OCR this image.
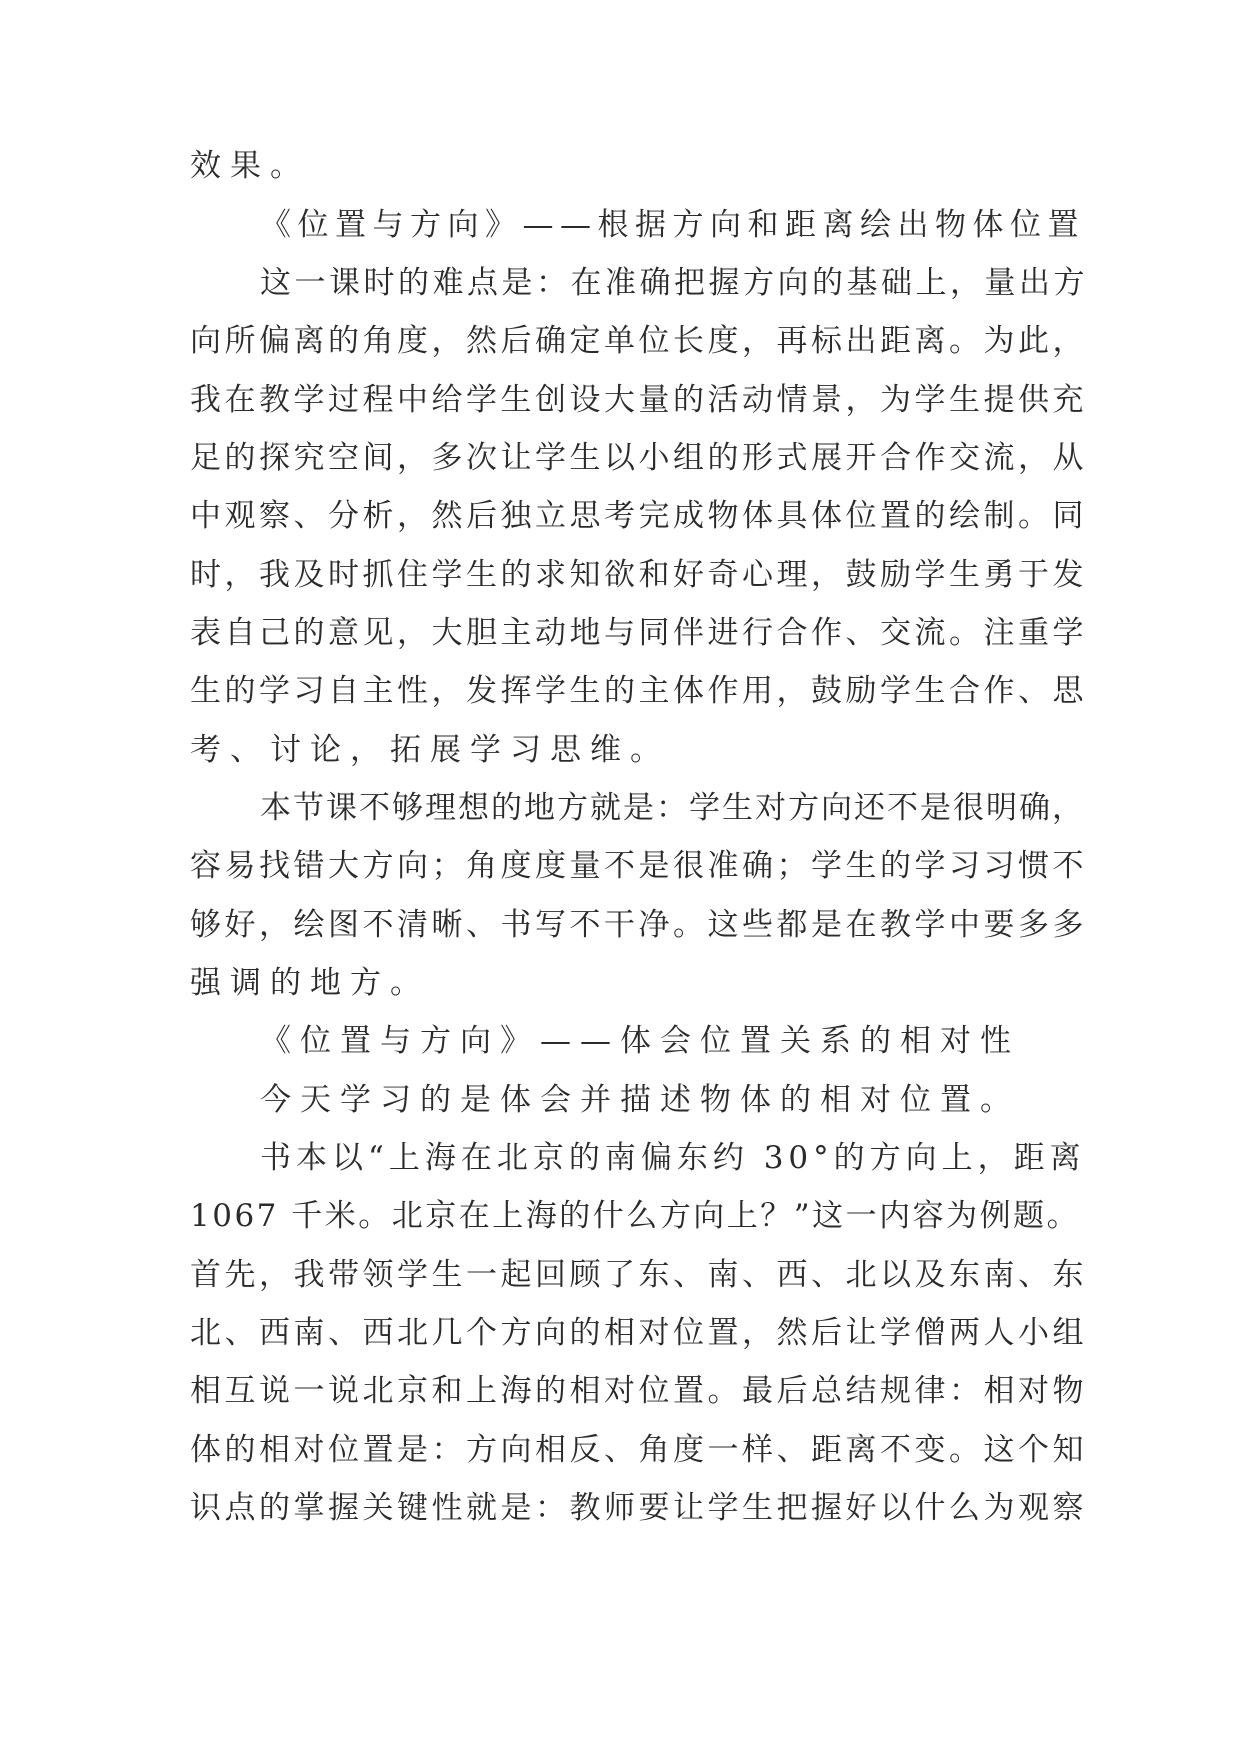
效果。
《位置与方向》——根据方向和距离绘出物体位置
这一课时的难点是：在准确把握方向的基础上，量出方
向所偏离的角度，然后确定单位长度，再标出距离。为此，
我在教学过程中给学生创设大量的活动情景，为学生提供充
足的探究空间，多次让学生以小组的形式展开合作交流，从
中观察、分析，然后独立思考完成物体具体位置的绘制。同
时，我及时抓住学生的求知欲和好奇心理，鼓励学生勇于发
表自己的意见，大胆主动地与同伴进行合作、交流。注重学
生的学习自主性，发挥学生的主体作用，鼓励学生合作、思
考、讨论，拓展学习思维。
本节课不够理想的地方就是：学生对方向还不是很明确，
容易找错大方向；角度度量不是很准确；学生的学习习惯不
够好，绘图不清晰、书写不干净。这些都是在教学中要多多
强调的地方。
《位置与方向》——体会位置关系的相对性
今天学习的是体会并描述物体的相对位置。
书本以“上海在北京的南偏东约 30°的方向上，距离
1067 千米。北京在上海的什么方向上？”这一内容为例题。
首先，我带领学生一起回顾了东、南、西、北以及东南、东
北、西南、西北几个方向的相对位置，然后让学僧两人小组
相互说一说北京和上海的相对位置。最后总结规律：相对物
体的相对位置是：方向相反、角度一样、距离不变。这个知
识点的掌握关键性就是：教师要让学生把握好以什么为观察
